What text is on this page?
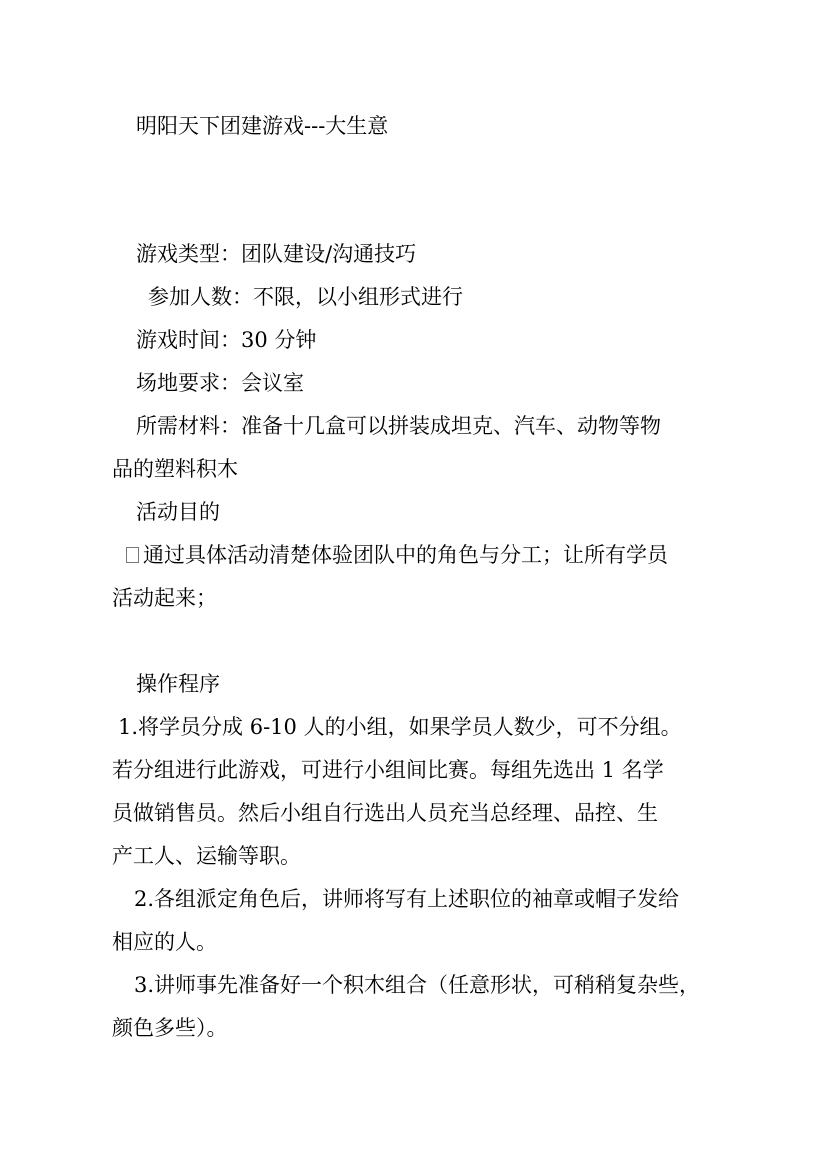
明阳天下团建游戏---大生意
游戏类型：团队建设/沟通技巧
参加人数：不限，以小组形式进行
游戏时间：30 分钟
场地要求：会议室
所需材料：准备十几盒可以拼装成坦克、汽车、动物等物
品的塑料积木
活动目的
通过具体活动清楚体验团队中的角色与分工；让所有学员
活动起来；
操作程序
1.将学员分成 6-10 人的小组，如果学员人数少，可不分组。
若分组进行此游戏，可进行小组间比赛。每组先选出 1 名学
员做销售员。然后小组自行选出人员充当总经理、品控、生
产工人、运输等职。
2.各组派定角色后，讲师将写有上述职位的袖章或帽子发给
相应的人。
3.讲师事先准备好一个积木组合（任意形状，可稍稍复杂些，
颜色多些）。
